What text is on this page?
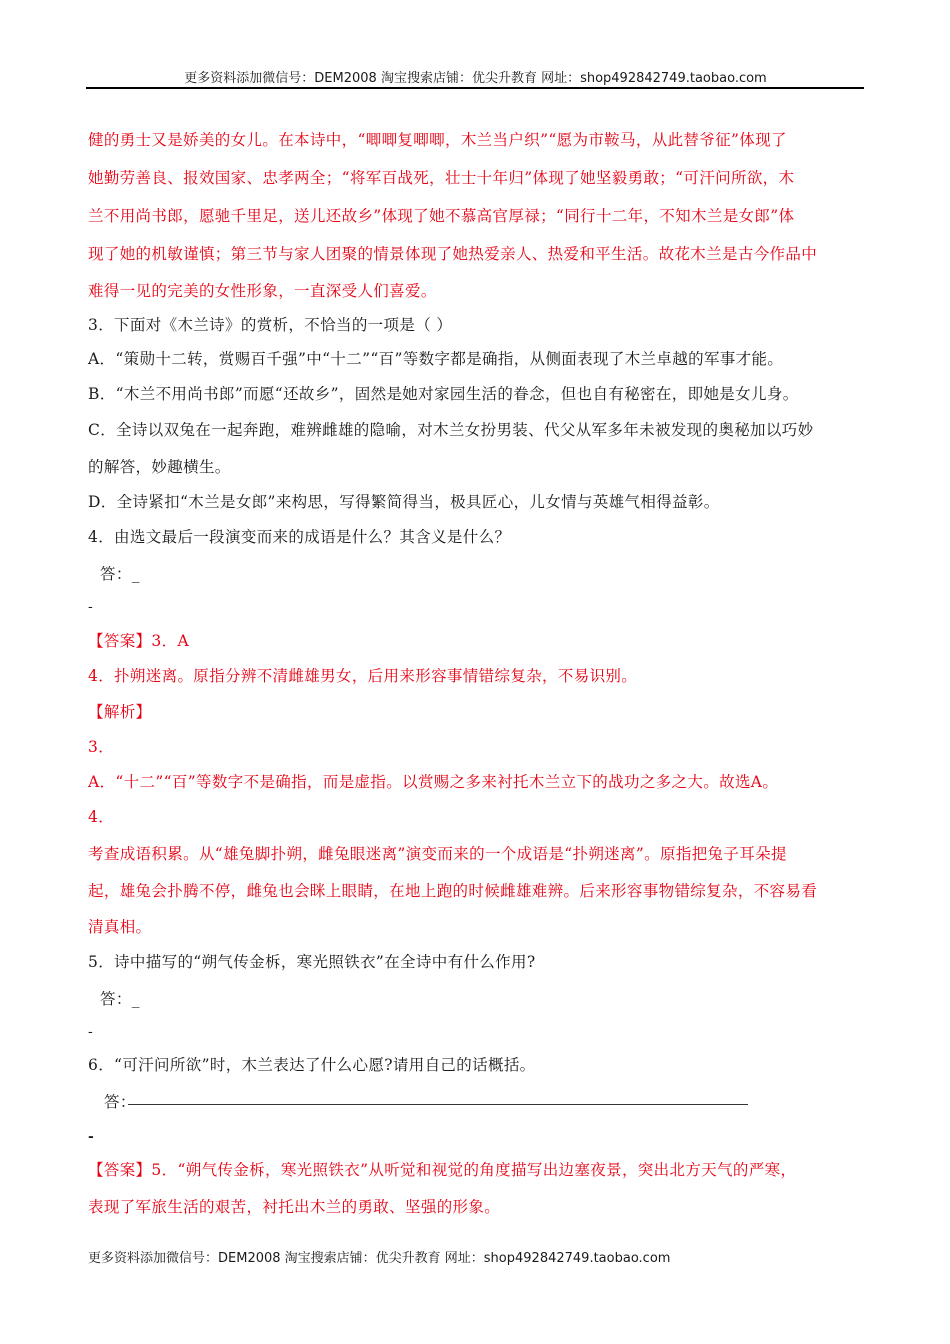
更多资料添加微信号：DEM2008 淘宝搜索店铺：优尖升教育 网址：shop492842749.taobao.com
健的勇士又是娇美的女儿。在本诗中，“唧唧复唧唧，木兰当户织”“愿为市鞍马，从此替爷征”体现了
她勤劳善良、报效国家、忠孝两全；“将军百战死，壮士十年归”体现了她坚毅勇敢；“可汗问所欲，木
兰不用尚书郎，愿驰千里足，送儿还故乡”体现了她不慕高官厚禄；“同行十二年，不知木兰是女郎”体
现了她的机敏谨慎；第三节与家人团聚的情景体现了她热爱亲人、热爱和平生活。故花木兰是古今作品中
难得一见的完美的女性形象，一直深受人们喜爱。
3．下面对《木兰诗》的赏析，不恰当的一项是（ ）
A．“策勋十二转，赏赐百千强”中“十二”“百”等数字都是确指，从侧面表现了木兰卓越的军事才能。
B．“木兰不用尚书郎”而愿“还故乡”，固然是她对家园生活的眷念，但也自有秘密在，即她是女儿身。
C．全诗以双兔在一起奔跑，难辨雌雄的隐喻，对木兰女扮男装、代父从军多年未被发现的奥秘加以巧妙
的解答，妙趣横生。
D．全诗紧扣“木兰是女郎”来构思，写得繁简得当，极具匠心，儿女情与英雄气相得益彰。
4．由选文最后一段演变而来的成语是什么？其含义是什么？
答：_
-
【答案】3．A
4．扑朔迷离。原指分辨不清雌雄男女，后用来形容事情错综复杂，不易识别。
【解析】
3．
A．“十二”“百”等数字不是确指，而是虚指。以赏赐之多来衬托木兰立下的战功之多之大。故选A。
4．
考查成语积累。从“雄兔脚扑朔，雌兔眼迷离”演变而来的一个成语是“扑朔迷离”。原指把兔子耳朵提
起，雄兔会扑腾不停，雌兔也会眯上眼睛，在地上跑的时候雌雄难辨。后来形容事物错综复杂，不容易看
清真相。
5．诗中描写的“朔气传金柝，寒光照铁衣”在全诗中有什么作用?
答：_
-
6．“可汗问所欲”时，木兰表达了什么心愿?请用自己的话概括。
答：
-
【答案】5．“朔气传金柝，寒光照铁衣”从听觉和视觉的角度描写出边塞夜景，突出北方天气的严寒，
表现了军旅生活的艰苦，衬托出木兰的勇敢、坚强的形象。
更多资料添加微信号：DEM2008 淘宝搜索店铺：优尖升教育 网址：shop492842749.taobao.com
